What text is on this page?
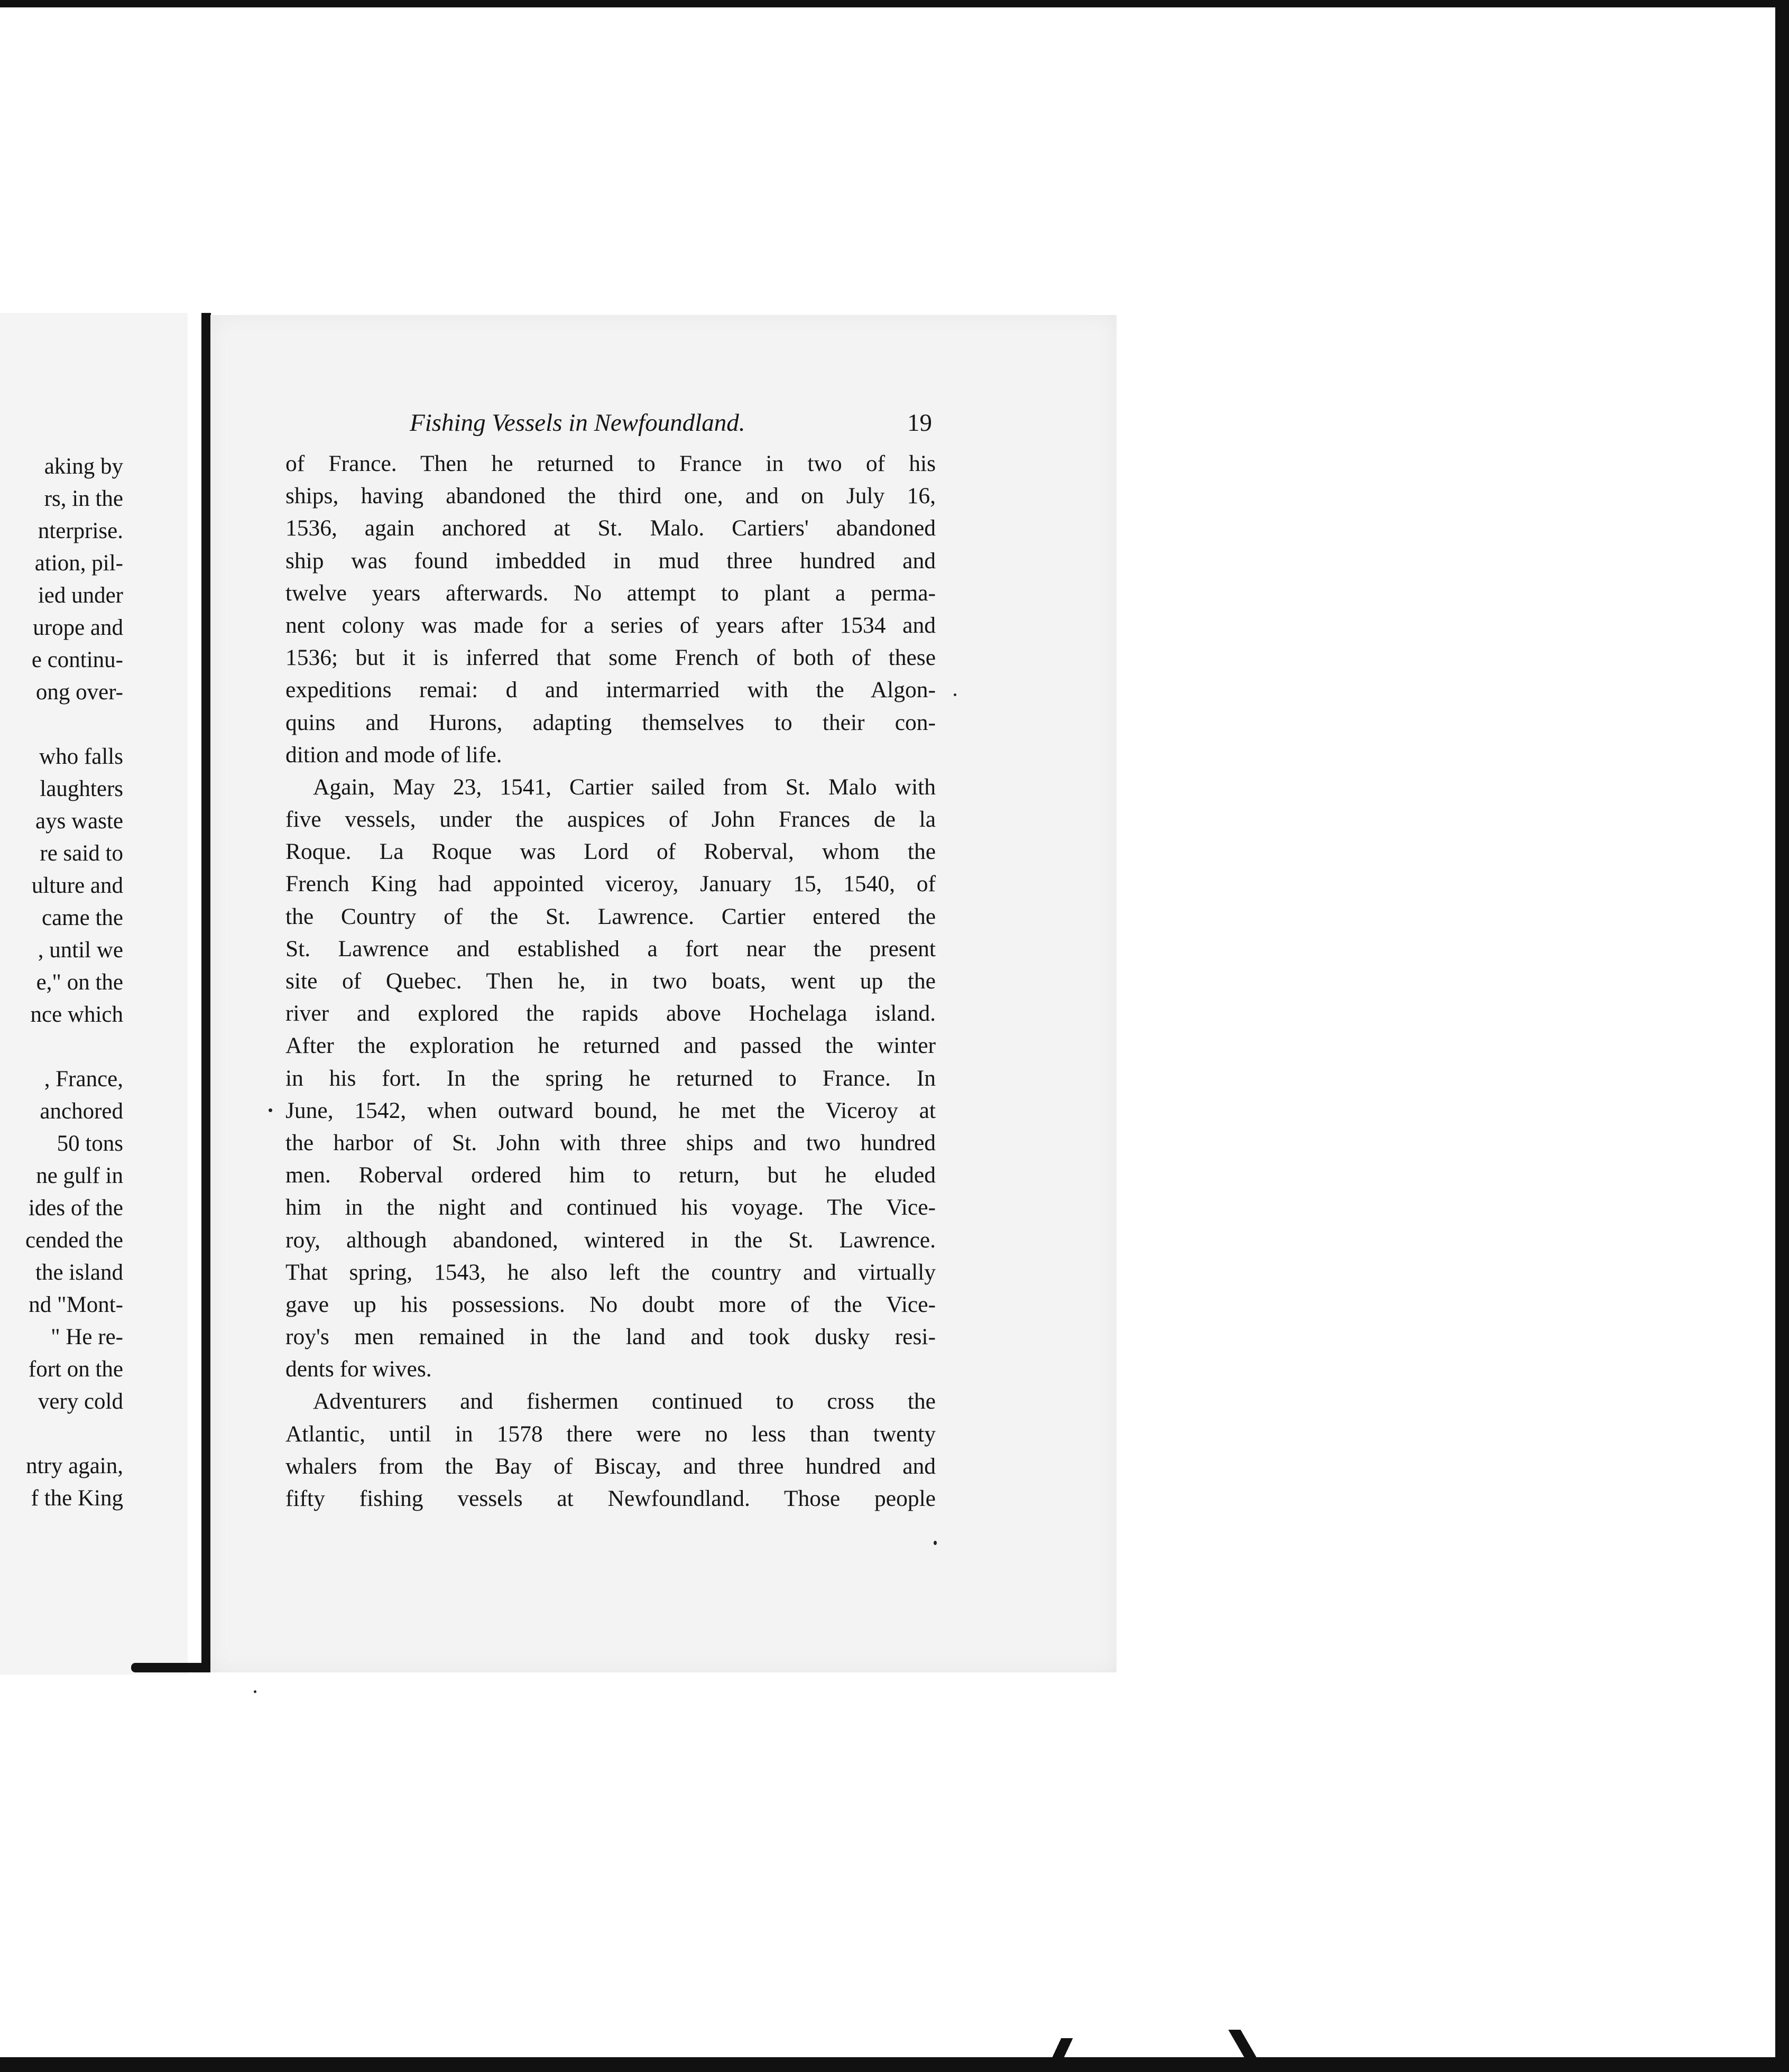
aking by
rs, in the
nterprise.
ation, pil-
ied under
urope and
e continu-
ong over-
who falls
laughters
ays waste
re said to
ulture and
came the
, until we
e," on the
nce which
, France,
anchored
50 tons
ne gulf in
ides of the
cended the
the island
nd "Mont-
" He re-
fort on the
very cold
ntry again,
f the King
Fishing Vessels in Newfoundland.	19
of France. Then he returned to France in two of his
ships, having abandoned the third one, and on July 16,
1536, again anchored at St. Malo. Cartiers' abandoned
ship was found imbedded in mud three hundred and
twelve years afterwards. No attempt to plant a perma-
nent colony was made for a series of years after 1534 and
1536; but it is inferred that some French of both of these
expeditions remai: d and intermarried with the Algon-
quins and Hurons, adapting themselves to their con-
dition and mode of life.
Again, May 23, 1541, Cartier sailed from St. Malo with
five vessels, under the auspices of John Frances de la
Roque. La Roque was Lord of Roberval, whom the
French King had appointed viceroy, January 15, 1540, of
the Country of the St. Lawrence. Cartier entered the
St. Lawrence and established a fort near the present
site of Quebec. Then he, in two boats, went up the
river and explored the rapids above Hochelaga island.
After the exploration he returned and passed the winter
in his fort. In the spring he returned to France. In
June, 1542, when outward bound, he met the Viceroy at
the harbor of St. John with three ships and two hundred
men. Roberval ordered him to return, but he eluded
him in the night and continued his voyage. The Vice-
roy, although abandoned, wintered in the St. Lawrence.
That spring, 1543, he also left the country and virtually
gave up his possessions. No doubt more of the Vice-
roy's men remained in the land and took dusky resi-
dents for wives.
Adventurers and fishermen continued to cross the
Atlantic, until in 1578 there were no less than twenty
whalers from the Bay of Biscay, and three hundred and
fifty fishing vessels at Newfoundland. Those people
